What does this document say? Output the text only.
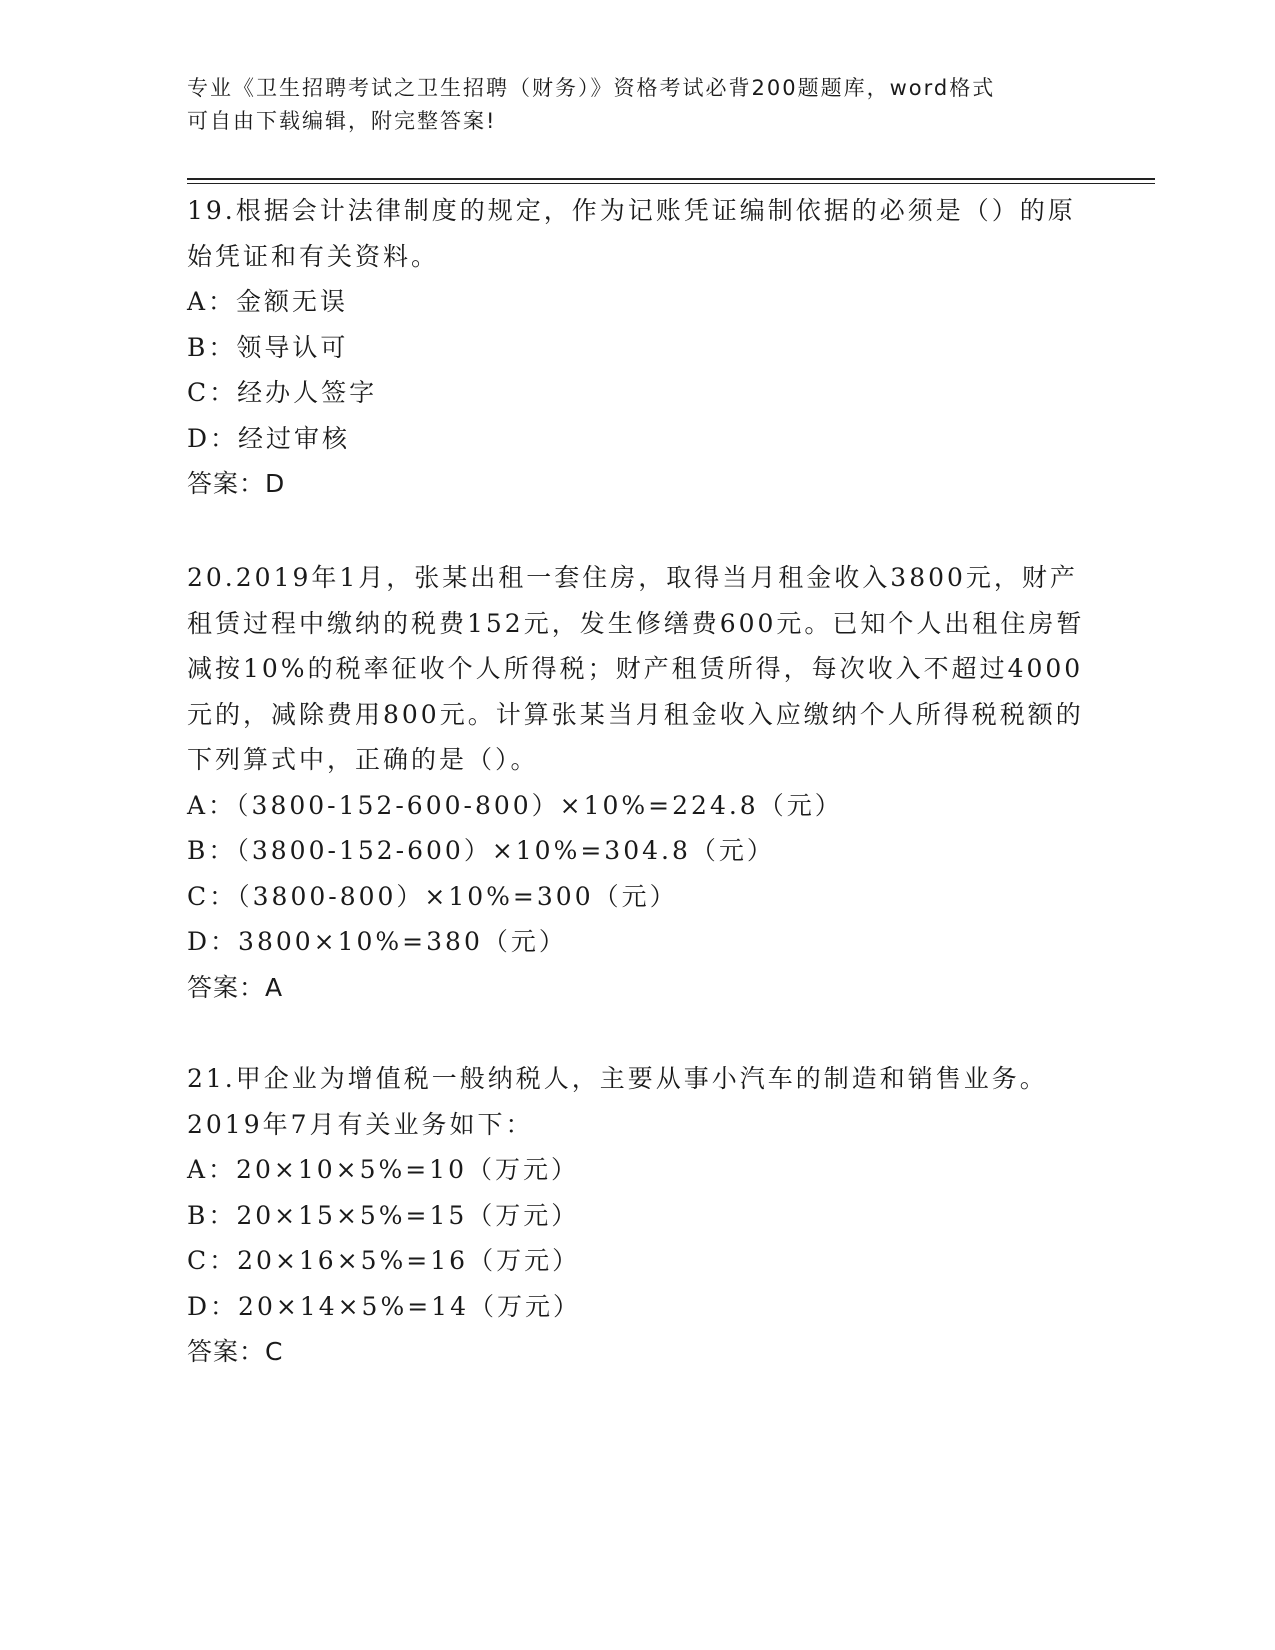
专业《卫生招聘考试之卫生招聘（财务）》资格考试必背200题题库，word格式
可自由下载编辑，附完整答案!
19.根据会计法律制度的规定，作为记账凭证编制依据的必须是（）的原始凭证和有关资料。
A：金额无误
B：领导认可
C：经办人签字
D：经过审核
答案：D
20.2019年1月，张某出租一套住房，取得当月租金收入3800元，财产租赁过程中缴纳的税费152元，发生修缮费600元。已知个人出租住房暂减按10%的税率征收个人所得税；财产租赁所得，每次收入不超过4000元的，减除费用800元。计算张某当月租金收入应缴纳个人所得税税额的下列算式中，正确的是（）。
A：（3800-152-600-800）×10%=224.8（元）
B：（3800-152-600）×10%=304.8（元）
C：（3800-800）×10%=300（元）
D：3800×10%=380（元）
答案：A
21.甲企业为增值税一般纳税人，主要从事小汽车的制造和销售业务。2019年7月有关业务如下：
A：20×10×5%=10（万元）
B：20×15×5%=15（万元）
C：20×16×5%=16（万元）
D：20×14×5%=14（万元）
答案：C
